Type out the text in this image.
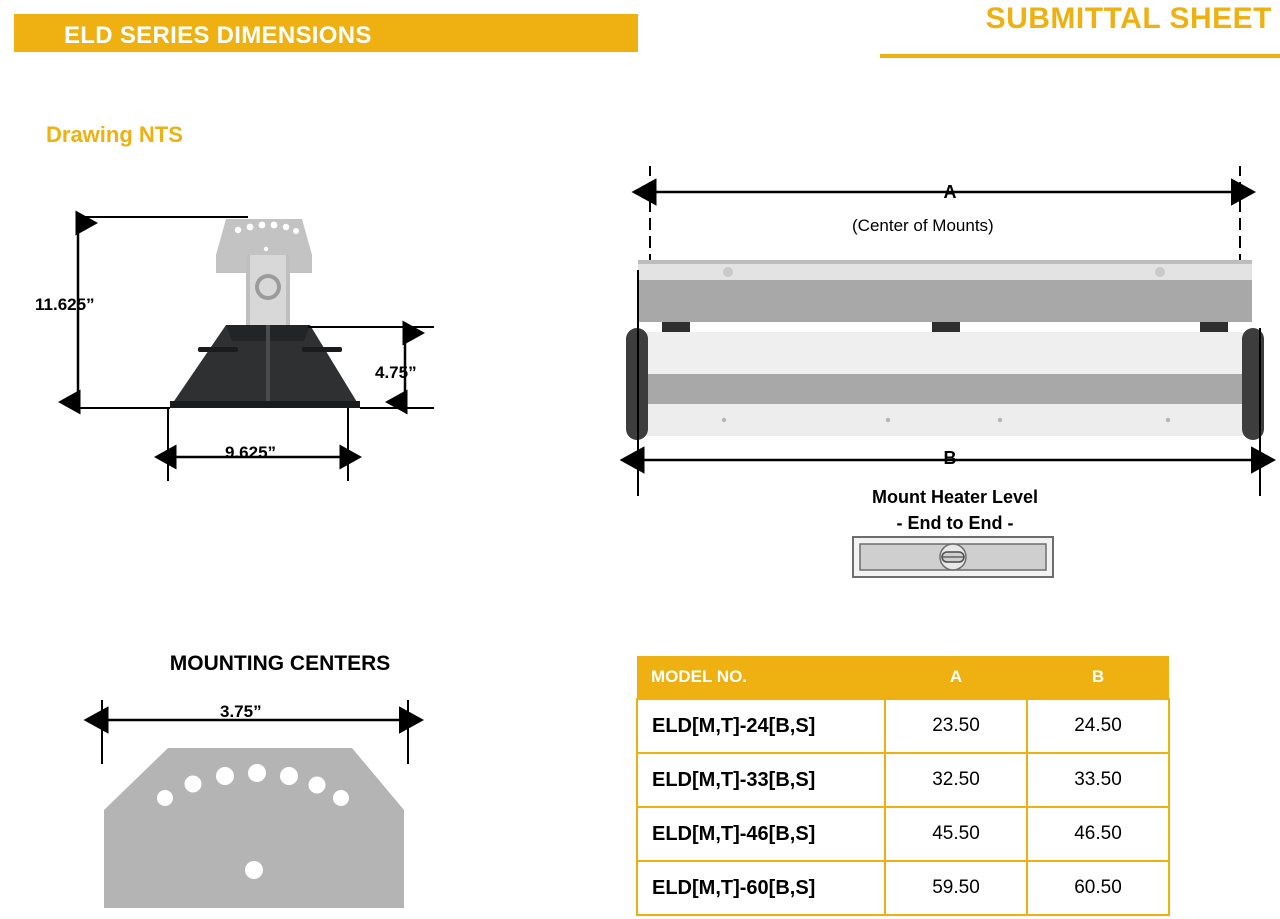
ELD SERIES DIMENSIONS
SUBMITTAL SHEET
Drawing NTS
11.625”
4.75”
9.625”
A
(Center of Mounts)
B
Mount Heater Level
- End to End -
MOUNTING CENTERS
3.75”
MODEL NO.	A	B
ELD[M,T]-24[B,S]	23.50	24.50
ELD[M,T]-33[B,S]	32.50	33.50
ELD[M,T]-46[B,S]	45.50	46.50
ELD[M,T]-60[B,S]	59.50	60.50
